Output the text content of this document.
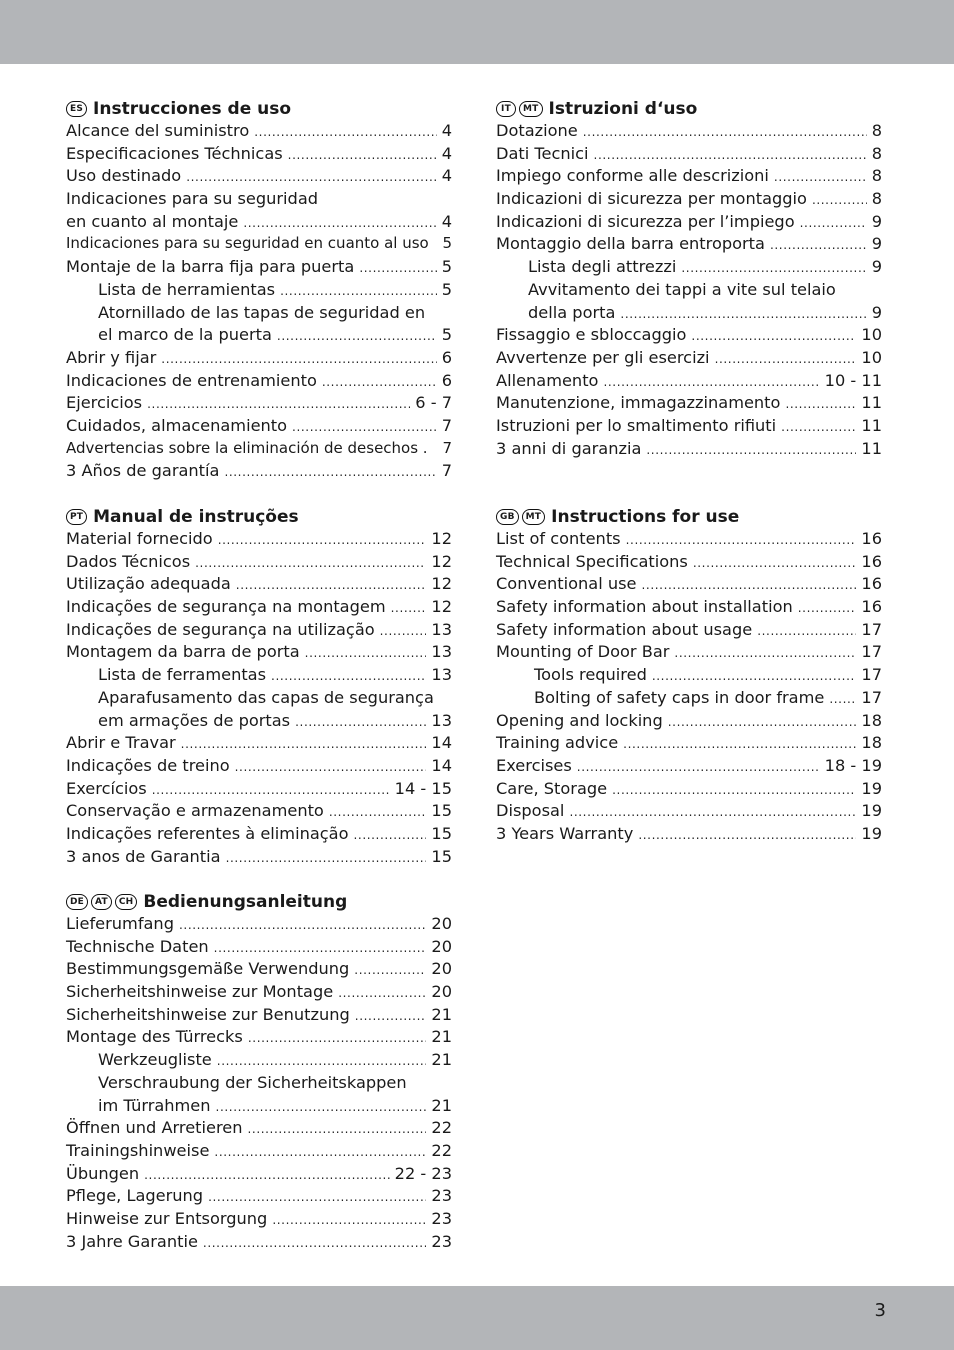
ES Instrucciones de uso
Alcance del suministro .....	4
Especificaciones Téchnicas .....	4
Uso destinado .....	4
Indicaciones para su seguridad
en cuanto al montaje .....	4
Indicaciones para su seguridad en cuanto al uso 5
Montaje de la barra fija para puerta .....	5
Lista de herramientas .....	5
Atornillado de las tapas de seguridad en
el marco de la puerta .....	5
Abrir y fijar .....	6
Indicaciones de entrenamiento .....	6
Ejercicios .....	6 - 7
Cuidados, almacenamiento .....	7
Advertencias sobre la eliminación de desechos . 7
3 Años de garantía .....	7
IT	MT Istruzioni d‘uso
Dotazione .....	8
Dati Tecnici .....	8
Impiego conforme alle descrizioni .....	8
Indicazioni di sicurezza per montaggio .....	8
Indicazioni di sicurezza per l’impiego .....	9
Montaggio della barra entroporta .....	9
Lista degli attrezzi .....	9
Avvitamento dei tappi a vite sul telaio
della porta .....	9
Fissaggio e sbloccaggio .....	10
Avvertenze per gli esercizi .....	10
Allenamento .....	10 - 11
Manutenzione, immagazzinamento .....	11
Istruzioni per lo smaltimento rifiuti .....	11
3 anni di garanzia .....	11
PT Manual de instruções
Material fornecido .....	12
Dados Técnicos .....	12
Utilização adequada .....	12
Indicações de segurança na montagem .....	12
Indicações de segurança na utilização .....	13
Montagem da barra de porta .....	13
Lista de ferramentas .....	13
Aparafusamento das capas de segurança
em armações de portas .....	13
Abrir e Travar .....	14
Indicações de treino .....	14
Exercícios .....	14 - 15
Conservação e armazenamento .....	15
Indicações referentes à eliminação .....	15
3 anos de Garantia .....	15
GB	MT Instructions for use
List of contents .....	16
Technical Specifications .....	16
Conventional use .....	16
Safety information about installation .....	16
Safety information about usage .....	17
Mounting of Door Bar .....	17
Tools required .....	17
Bolting of safety caps in door frame ..... 17
Opening and locking .....	18
Training advice .....	18
Exercises .....	18 - 19
Care, Storage .....	19
Disposal .....	19
3 Years Warranty .....	19
DE	AT	CH Bedienungsanleitung
Lieferumfang .....	20
Technische Daten .....	20
Bestimmungsgemäße Verwendung .....	20
Sicherheitshinweise zur Montage .....	20
Sicherheitshinweise zur Benutzung .....	21
Montage des Türrecks .....	21
Werkzeugliste .....	21
Verschraubung der Sicherheitskappen
im Türrahmen .....	21
Öffnen und Arretieren .....	22
Trainingshinweise .....	22
Übungen .....	22 - 23
Pflege, Lagerung .....	23
Hinweise zur Entsorgung .....	23
3 Jahre Garantie .....	23
3
